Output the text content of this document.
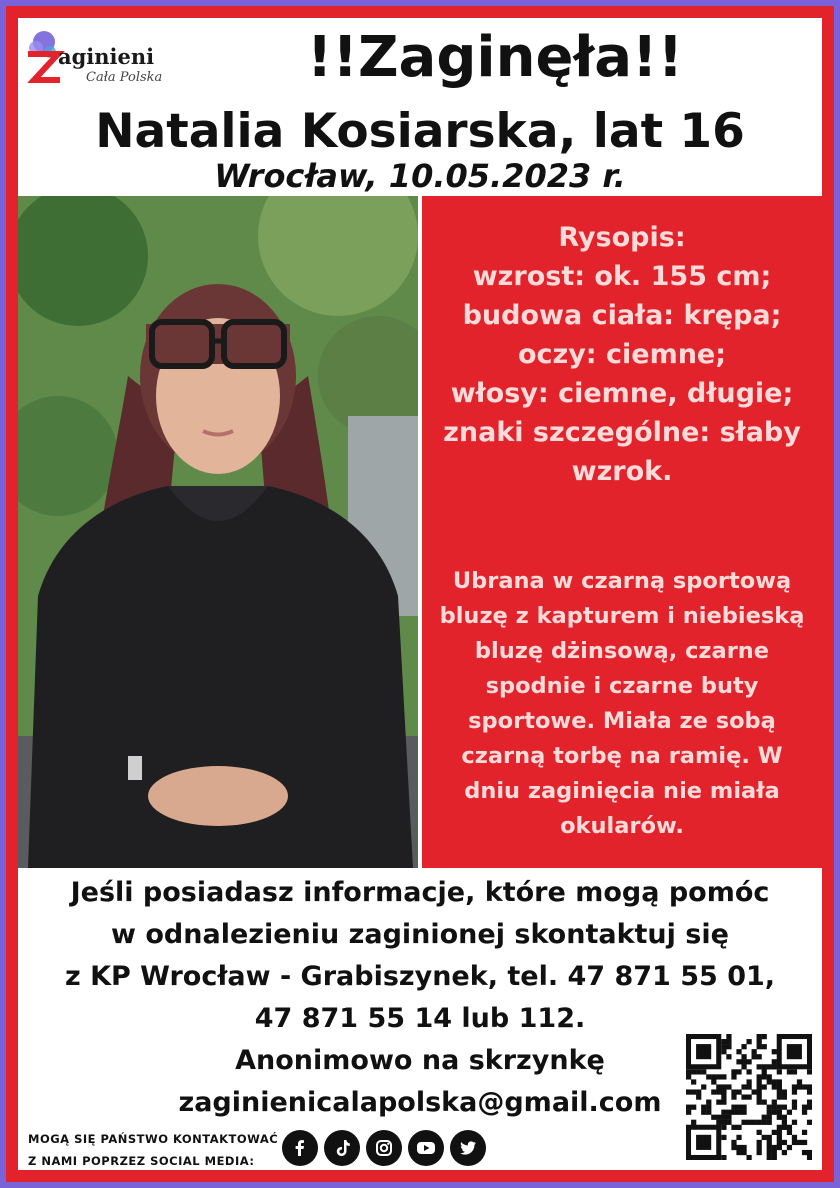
aginieni
Cała Polska	!!Zaginęła!!
Natalia Kosiarska, lat 16
Wrocław, 10.05.2023 r.
Rysopis:
wzrost: ok. 155 cm;
budowa ciała: krępa;
oczy: ciemne;
włosy: ciemne, długie;
znaki szczególne: słaby
wzrok.
Ubrana w czarną sportową bluzę z kapturem i niebieską bluzę dżinsową, czarne spodnie i czarne buty sportowe. Miała ze sobą czarną torbę na ramię. W dniu zaginięcia nie miała okularów.
Jeśli posiadasz informacje, które mogą pomóc
w odnalezieniu zaginionej skontaktuj się
z KP Wrocław - Grabiszynek, tel. 47 871 55 01,
47 871 55 14 lub 112.
Anonimowo na skrzynkę
zaginienicalapolska@gmail.com
MOGĄ SIĘ PAŃSTWO KONTAKTOWAĆ
Z NAMI POPRZEZ SOCIAL MEDIA:
